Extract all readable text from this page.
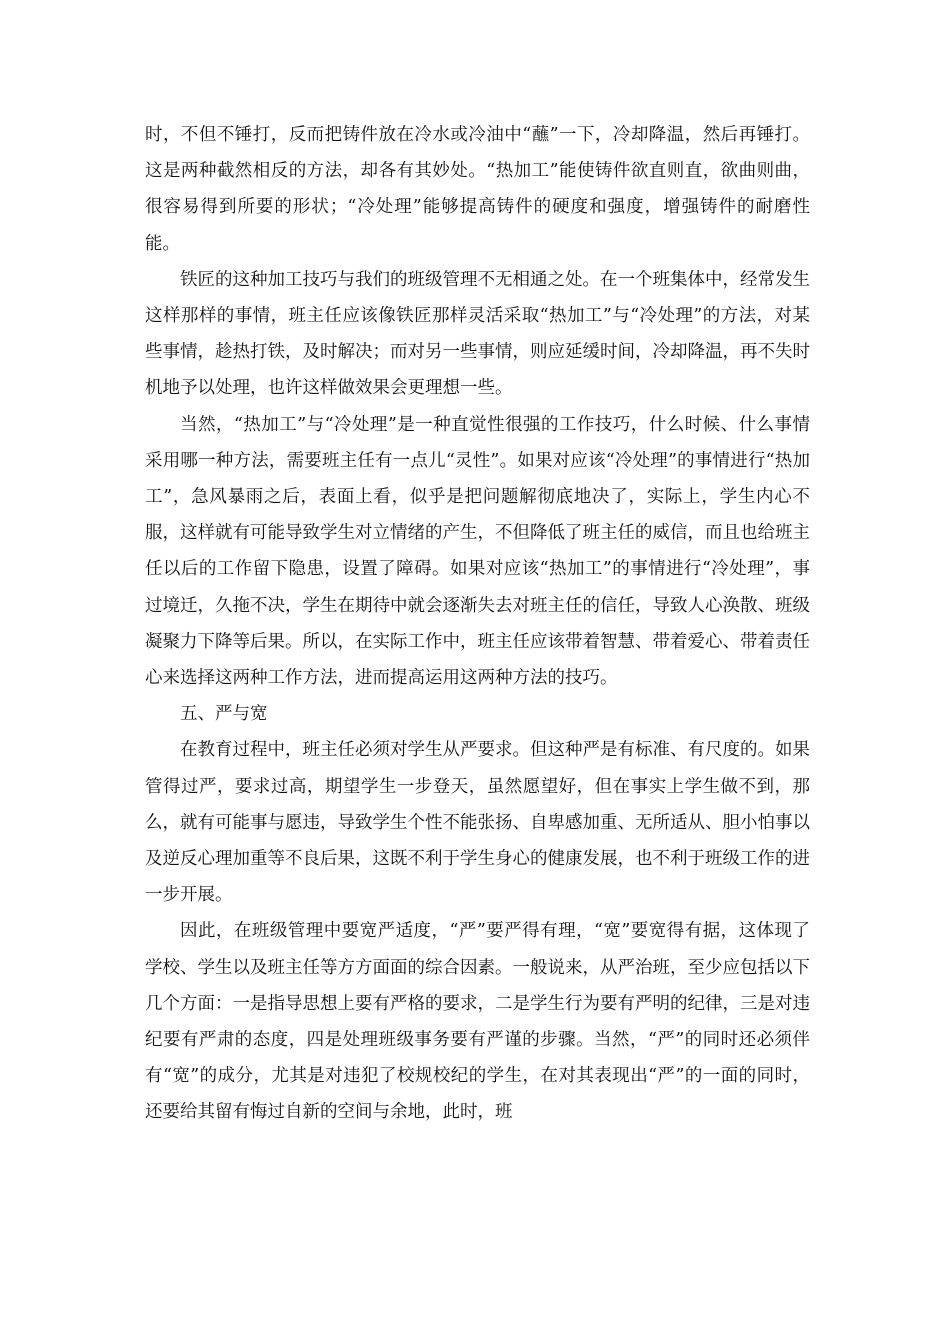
时，不但不锤打，反而把铸件放在冷水或冷油中“蘸”一下，冷却降温，然后再锤打。这是两种截然相反的方法，却各有其妙处。“热加工”能使铸件欲直则直，欲曲则曲，很容易得到所要的形状；“冷处理”能够提高铸件的硬度和强度，增强铸件的耐磨性能。

铁匠的这种加工技巧与我们的班级管理不无相通之处。在一个班集体中，经常发生这样那样的事情，班主任应该像铁匠那样灵活采取“热加工”与“冷处理”的方法，对某些事情，趁热打铁，及时解决；而对另一些事情，则应延缓时间，冷却降温，再不失时机地予以处理，也许这样做效果会更理想一些。

当然，“热加工”与“冷处理”是一种直觉性很强的工作技巧，什么时候、什么事情采用哪一种方法，需要班主任有一点儿“灵性”。如果对应该“冷处理”的事情进行“热加工”，急风暴雨之后，表面上看，似乎是把问题解彻底地决了，实际上，学生内心不服，这样就有可能导致学生对立情绪的产生，不但降低了班主任的威信，而且也给班主任以后的工作留下隐患，设置了障碍。如果对应该“热加工”的事情进行“冷处理”，事过境迁，久拖不决，学生在期待中就会逐渐失去对班主任的信任，导致人心涣散、班级凝聚力下降等后果。所以，在实际工作中，班主任应该带着智慧、带着爱心、带着责任心来选择这两种工作方法，进而提高运用这两种方法的技巧。

五、严与宽

在教育过程中，班主任必须对学生从严要求。但这种严是有标准、有尺度的。如果管得过严，要求过高，期望学生一步登天，虽然愿望好，但在事实上学生做不到，那么，就有可能事与愿违，导致学生个性不能张扬、自卑感加重、无所适从、胆小怕事以及逆反心理加重等不良后果，这既不利于学生身心的健康发展，也不利于班级工作的进一步开展。

因此，在班级管理中要宽严适度，“严”要严得有理，“宽”要宽得有据，这体现了学校、学生以及班主任等方方面面的综合因素。一般说来，从严治班，至少应包括以下几个方面：一是指导思想上要有严格的要求，二是学生行为要有严明的纪律，三是对违纪要有严肃的态度，四是处理班级事务要有严谨的步骤。当然，“严”的同时还必须伴有“宽”的成分，尤其是对违犯了校规校纪的学生，在对其表现出“严”的一面的同时，还要给其留有悔过自新的空间与余地，此时，班
